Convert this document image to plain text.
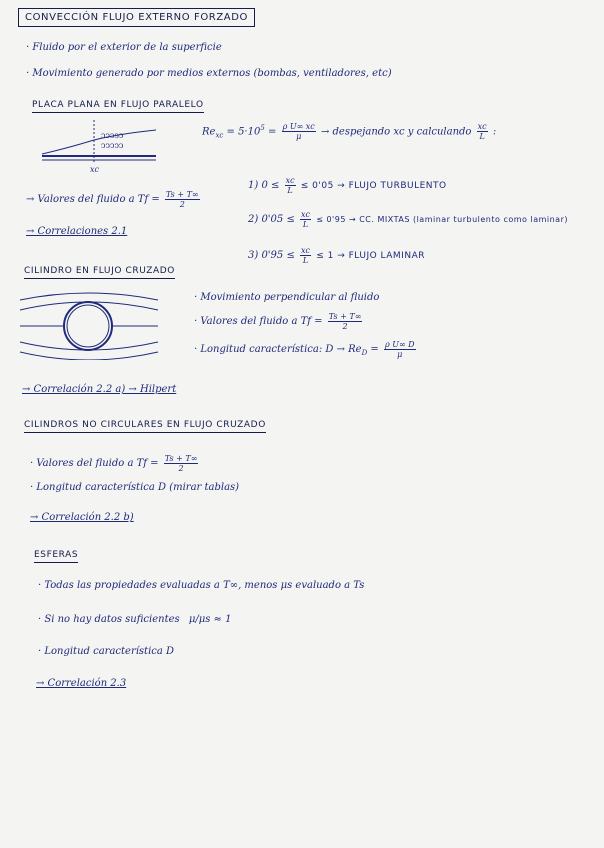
CONVECCIÓN FLUJO EXTERNO FORZADO
· Fluido por el exterior de la superficie
· Movimiento generado por medios externos (bombas, ventiladores, etc)
PLACA PLANA EN FLUJO PARALELO
ↄↄↄↄↄ
ↄↄↄↄↄ
xc
$Re_{xc} = 5\cdot 10^5 = \frac{\text{ρ U∞ xc}}{\mu}$ → despejando xc y calculando $\frac{xc}{L}$ :
→ Valores del fluido a $Tf = \frac{Ts + T\infty}{2}$
1) $0 \le \frac{xc}{L} \le 0'05$ → FLUJO TURBULENTO
2) $0'05 \le \frac{xc}{L} \le 0'95$ → CC. MIXTAS (laminar turbulento como laminar)
3) $0'95 \le \frac{xc}{L} \le 1$ → FLUJO LAMINAR
→ Correlaciones 2.1
CILINDRO EN FLUJO CRUZADO
· Movimiento perpendicular al fluido
· Valores del fluido a $Tf = \frac{Ts + T\infty}{2}$
· Longitud característica: $D \to Re_D = \frac{\text{ρ U∞ D}}{\mu}$
→ Correlación 2.2 a) → Hilpert
CILINDROS NO CIRCULARES EN FLUJO CRUZADO
· Valores del fluido a $Tf = \frac{Ts + T\infty}{2}$
· Longitud característica D (mirar tablas)
→ Correlación 2.2 b)
ESFERAS
· Todas las propiedades evaluadas a T∞, menos μs evaluado a Ts
· Si no hay datos suficientes μ/μs ≈ 1
· Longitud característica D
→ Correlación 2.3
